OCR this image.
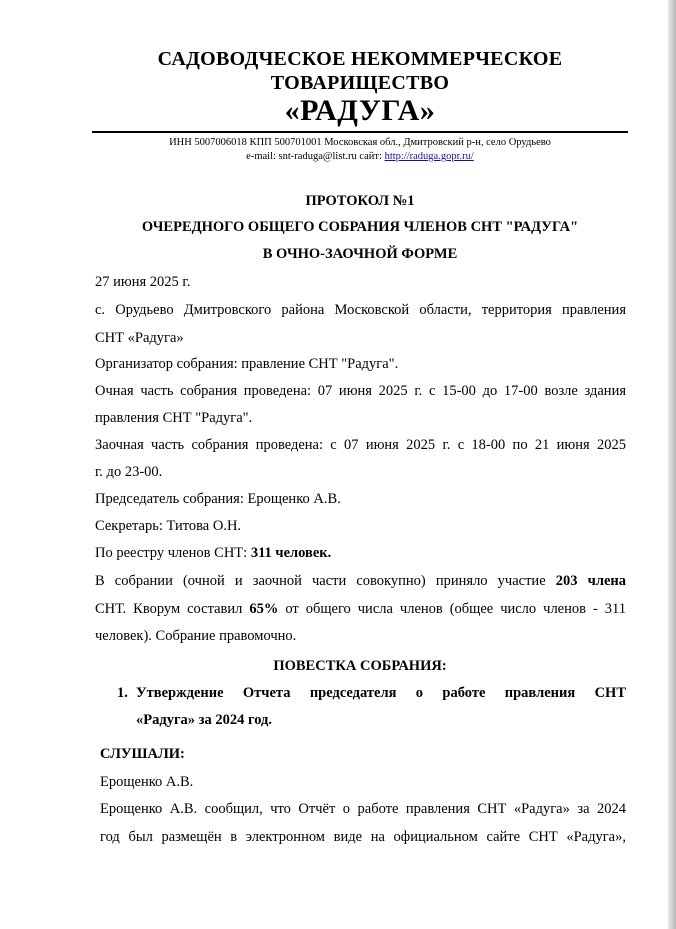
САДОВОДЧЕСКОЕ НЕКОММЕРЧЕСКОЕ
ТОВАРИЩЕСТВО
«РАДУГА»
ИНН 5007006018 КПП 500701001 Московская обл., Дмитровский р-н, село Орудьево
e-mail: snt-raduga@list.ru сайт: http://raduga.gopr.ru/
ПРОТОКОЛ №1
ОЧЕРЕДНОГО ОБЩЕГО СОБРАНИЯ ЧЛЕНОВ СНТ "РАДУГА"
В ОЧНО-ЗАОЧНОЙ ФОРМЕ
27 июня 2025 г.
с. Орудьево Дмитровского района Московской области, территория правления
СНТ «Радуга»
Организатор собрания: правление СНТ "Радуга".
Очная часть собрания проведена: 07 июня 2025 г. с 15-00 до 17-00 возле здания
правления СНТ "Радуга".
Заочная часть собрания проведена: с 07 июня 2025 г. с 18-00 по 21 июня 2025
г. до 23-00.
Председатель собрания: Ерощенко А.В.
Секретарь: Титова О.Н.
По реестру членов СНТ: 311 человек.
В собрании (очной и заочной части совокупно) приняло участие 203 члена
СНТ. Кворум составил 65% от общего числа членов (общее число членов - 311
человек). Собрание правомочно.
ПОВЕСТКА СОБРАНИЯ:
1. Утверждение Отчета председателя о работе правления СНТ
«Радуга» за 2024 год.
СЛУШАЛИ:
Ерощенко А.В.
Ерощенко А.В. сообщил, что Отчёт о работе правления СНТ «Радуга» за 2024
год был размещён в электронном виде на официальном сайте СНТ «Радуга»,
